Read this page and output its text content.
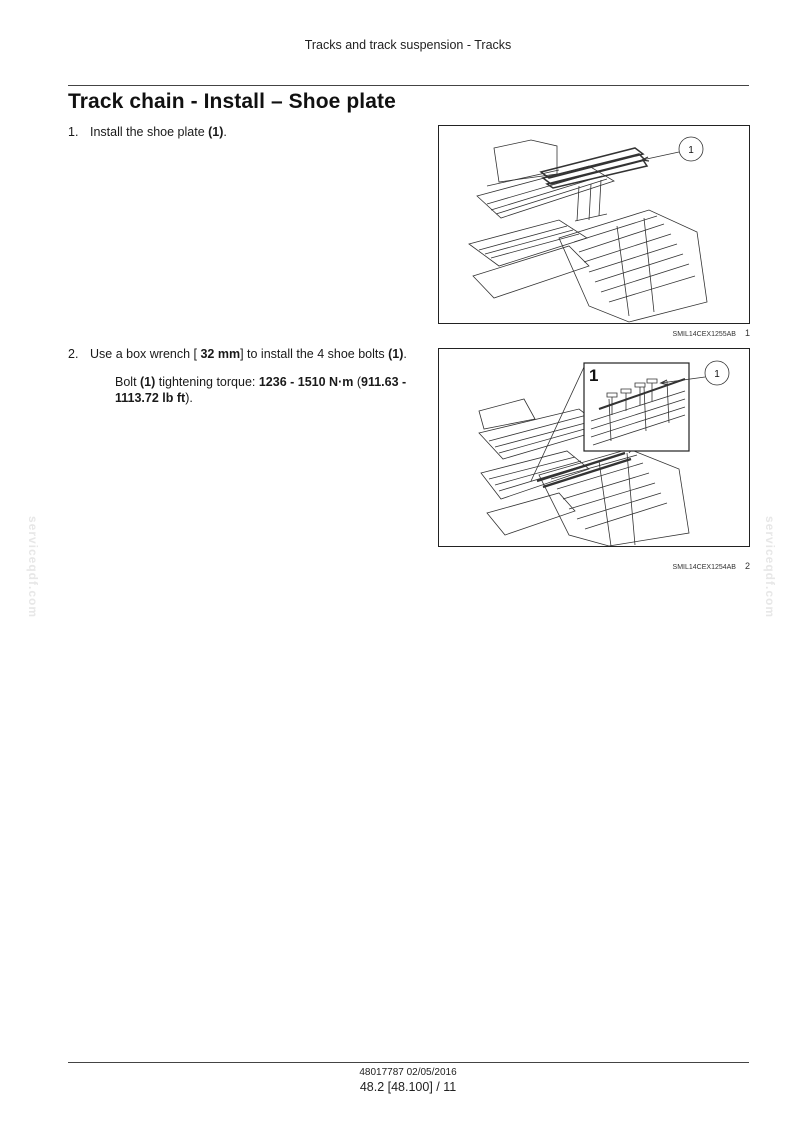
Tracks and track suspension - Tracks
Track chain - Install – Shoe plate
1. Install the shoe plate (1).
1
SMIL14CEX1255AB 1
2. Use a box wrench [ 32 mm] to install the 4 shoe bolts (1).
Bolt (1) tightening torque: 1236 - 1510 N·m (911.63 - 1113.72 lb ft).
1	1
SMIL14CEX1254AB 2
serviceqdf.com	serviceqdf.com
48017787 02/05/2016
48.2 [48.100] / 11
